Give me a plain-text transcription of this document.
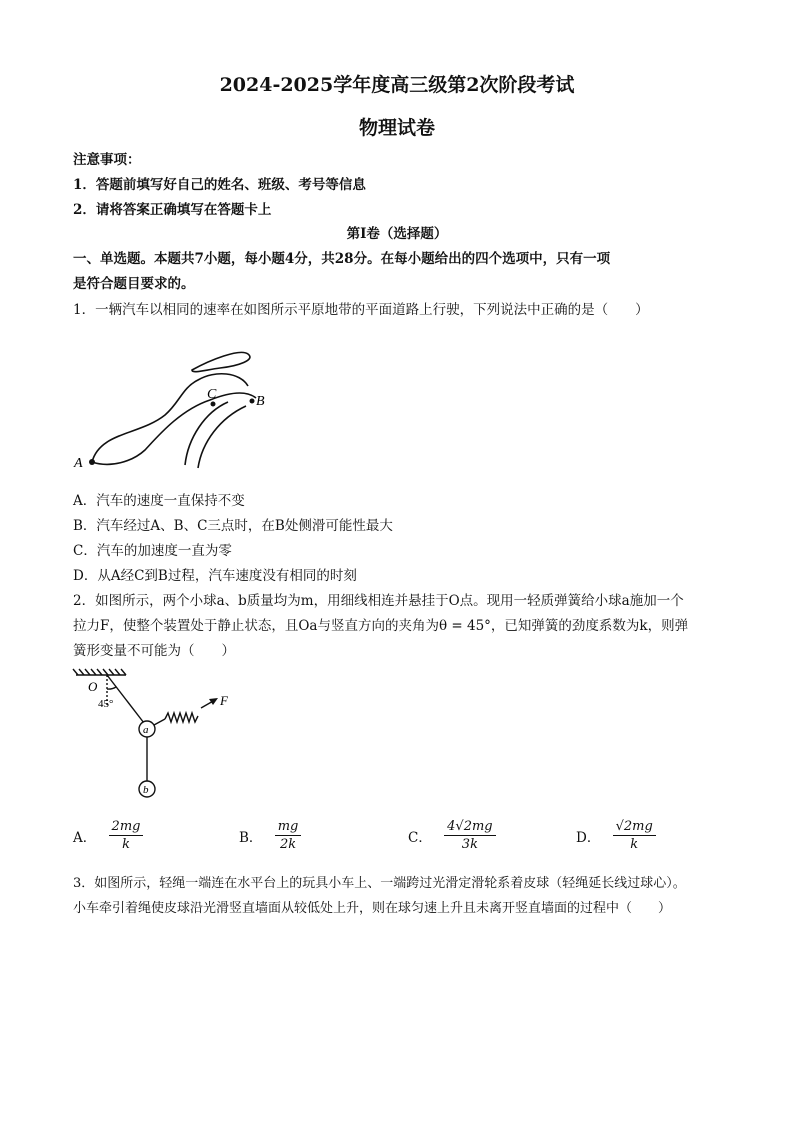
2024-2025学年度高三级第2次阶段考试
物理试卷
注意事项：
1．答题前填写好自己的姓名、班级、考号等信息
2．请将答案正确填写在答题卡上
第Ⅰ卷（选择题）
一、单选题。本题共7小题，每小题4分，共28分。在每小题给出的四个选项中，只有一项
是符合题目要求的。
1．一辆汽车以相同的速率在如图所示平原地带的平面道路上行驶，下列说法中正确的是（　　）
A
C	B
A．汽车的速度一直保持不变
B．汽车经过A、B、C三点时，在B处侧滑可能性最大
C．汽车的加速度一直为零
D．从A经C到B过程，汽车速度没有相同的时刻
2．如图所示，两个小球a、b质量均为m，用细线相连并悬挂于O点。现用一轻质弹簧给小球a施加一个
拉力F，使整个装置处于静止状态，且Oa与竖直方向的夹角为θ = 45°，已知弹簧的劲度系数为k，则弹
簧形变量不可能为（　　）
O
45°
a
b
F
A． $\frac{2mg}{k}$	B． $\frac{mg}{2k}$	C． $\frac{4√2mg}{3k}$	D． $\frac{√2mg}{k}$
3．如图所示，轻绳一端连在水平台上的玩具小车上、一端跨过光滑定滑轮系着皮球（轻绳延长线过球心）。
小车牵引着绳使皮球沿光滑竖直墙面从较低处上升，则在球匀速上升且未离开竖直墙面的过程中（　　）
